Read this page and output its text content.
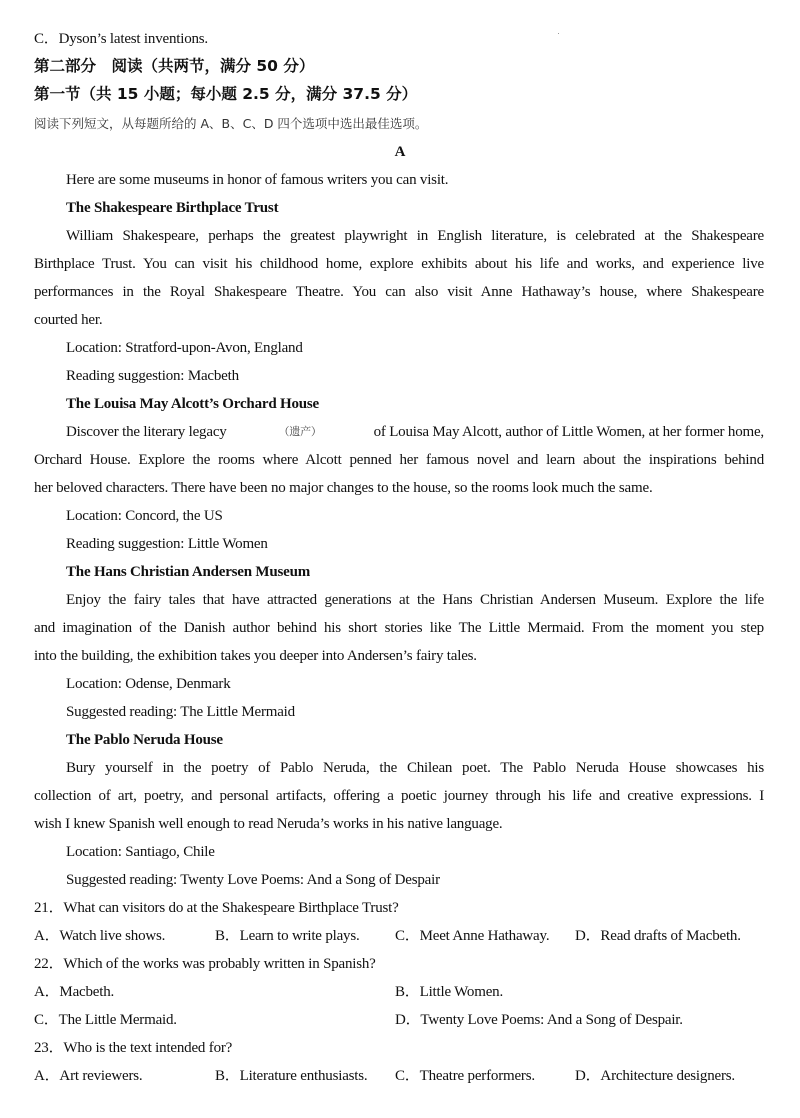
C．Dyson’s latest inventions.
第二部分　阅读（共两节，满分 50 分）
第一节（共 15 小题；每小题 2.5 分，满分 37.5 分）
阅读下列短文，从每题所给的 A、B、C、D 四个选项中选出最佳选项。
A
Here are some museums in honor of famous writers you can visit.
The Shakespeare Birthplace Trust
William Shakespeare, perhaps the greatest playwright in English literature, is celebrated at the Shakespeare
Birthplace Trust. You can visit his childhood home, explore exhibits about his life and works, and experience live
performances in the Royal Shakespeare Theatre. You can also visit Anne Hathaway’s house, where Shakespeare
courted her.
Location: Stratford-upon-Avon, England
Reading suggestion: Macbeth
The Louisa May Alcott’s Orchard House
Discover the literary legacy	（遗产）	of Louisa May Alcott, author of Little Women, at her former home,
Orchard House. Explore the rooms where Alcott penned her famous novel and learn about the inspirations behind
her beloved characters. There have been no major changes to the house, so the rooms look much the same.
Location: Concord, the US
Reading suggestion: Little Women
The Hans Christian Andersen Museum
Enjoy the fairy tales that have attracted generations at the Hans Christian Andersen Museum. Explore the life
and imagination of the Danish author behind his short stories like The Little Mermaid. From the moment you step
into the building, the exhibition takes you deeper into Andersen’s fairy tales.
Location: Odense, Denmark
Suggested reading: The Little Mermaid
The Pablo Neruda House
Bury yourself in the poetry of Pablo Neruda, the Chilean poet. The Pablo Neruda House showcases his
collection of art, poetry, and personal artifacts, offering a poetic journey through his life and creative expressions. I
wish I knew Spanish well enough to read Neruda’s works in his native language.
Location: Santiago, Chile
Suggested reading: Twenty Love Poems: And a Song of Despair
21．What can visitors do at the Shakespeare Birthplace Trust?
A．Watch live shows.	B．Learn to write plays. C．Meet Anne Hathaway. D．Read drafts of Macbeth.
22．Which of the works was probably written in Spanish?
A．Macbeth.	B．Little Women.
C．The Little Mermaid.	D．Twenty Love Poems: And a Song of Despair.
23．Who is the text intended for?
A．Art reviewers.	B．Literature enthusiasts. C．Theatre performers.	D．Architecture designers.
